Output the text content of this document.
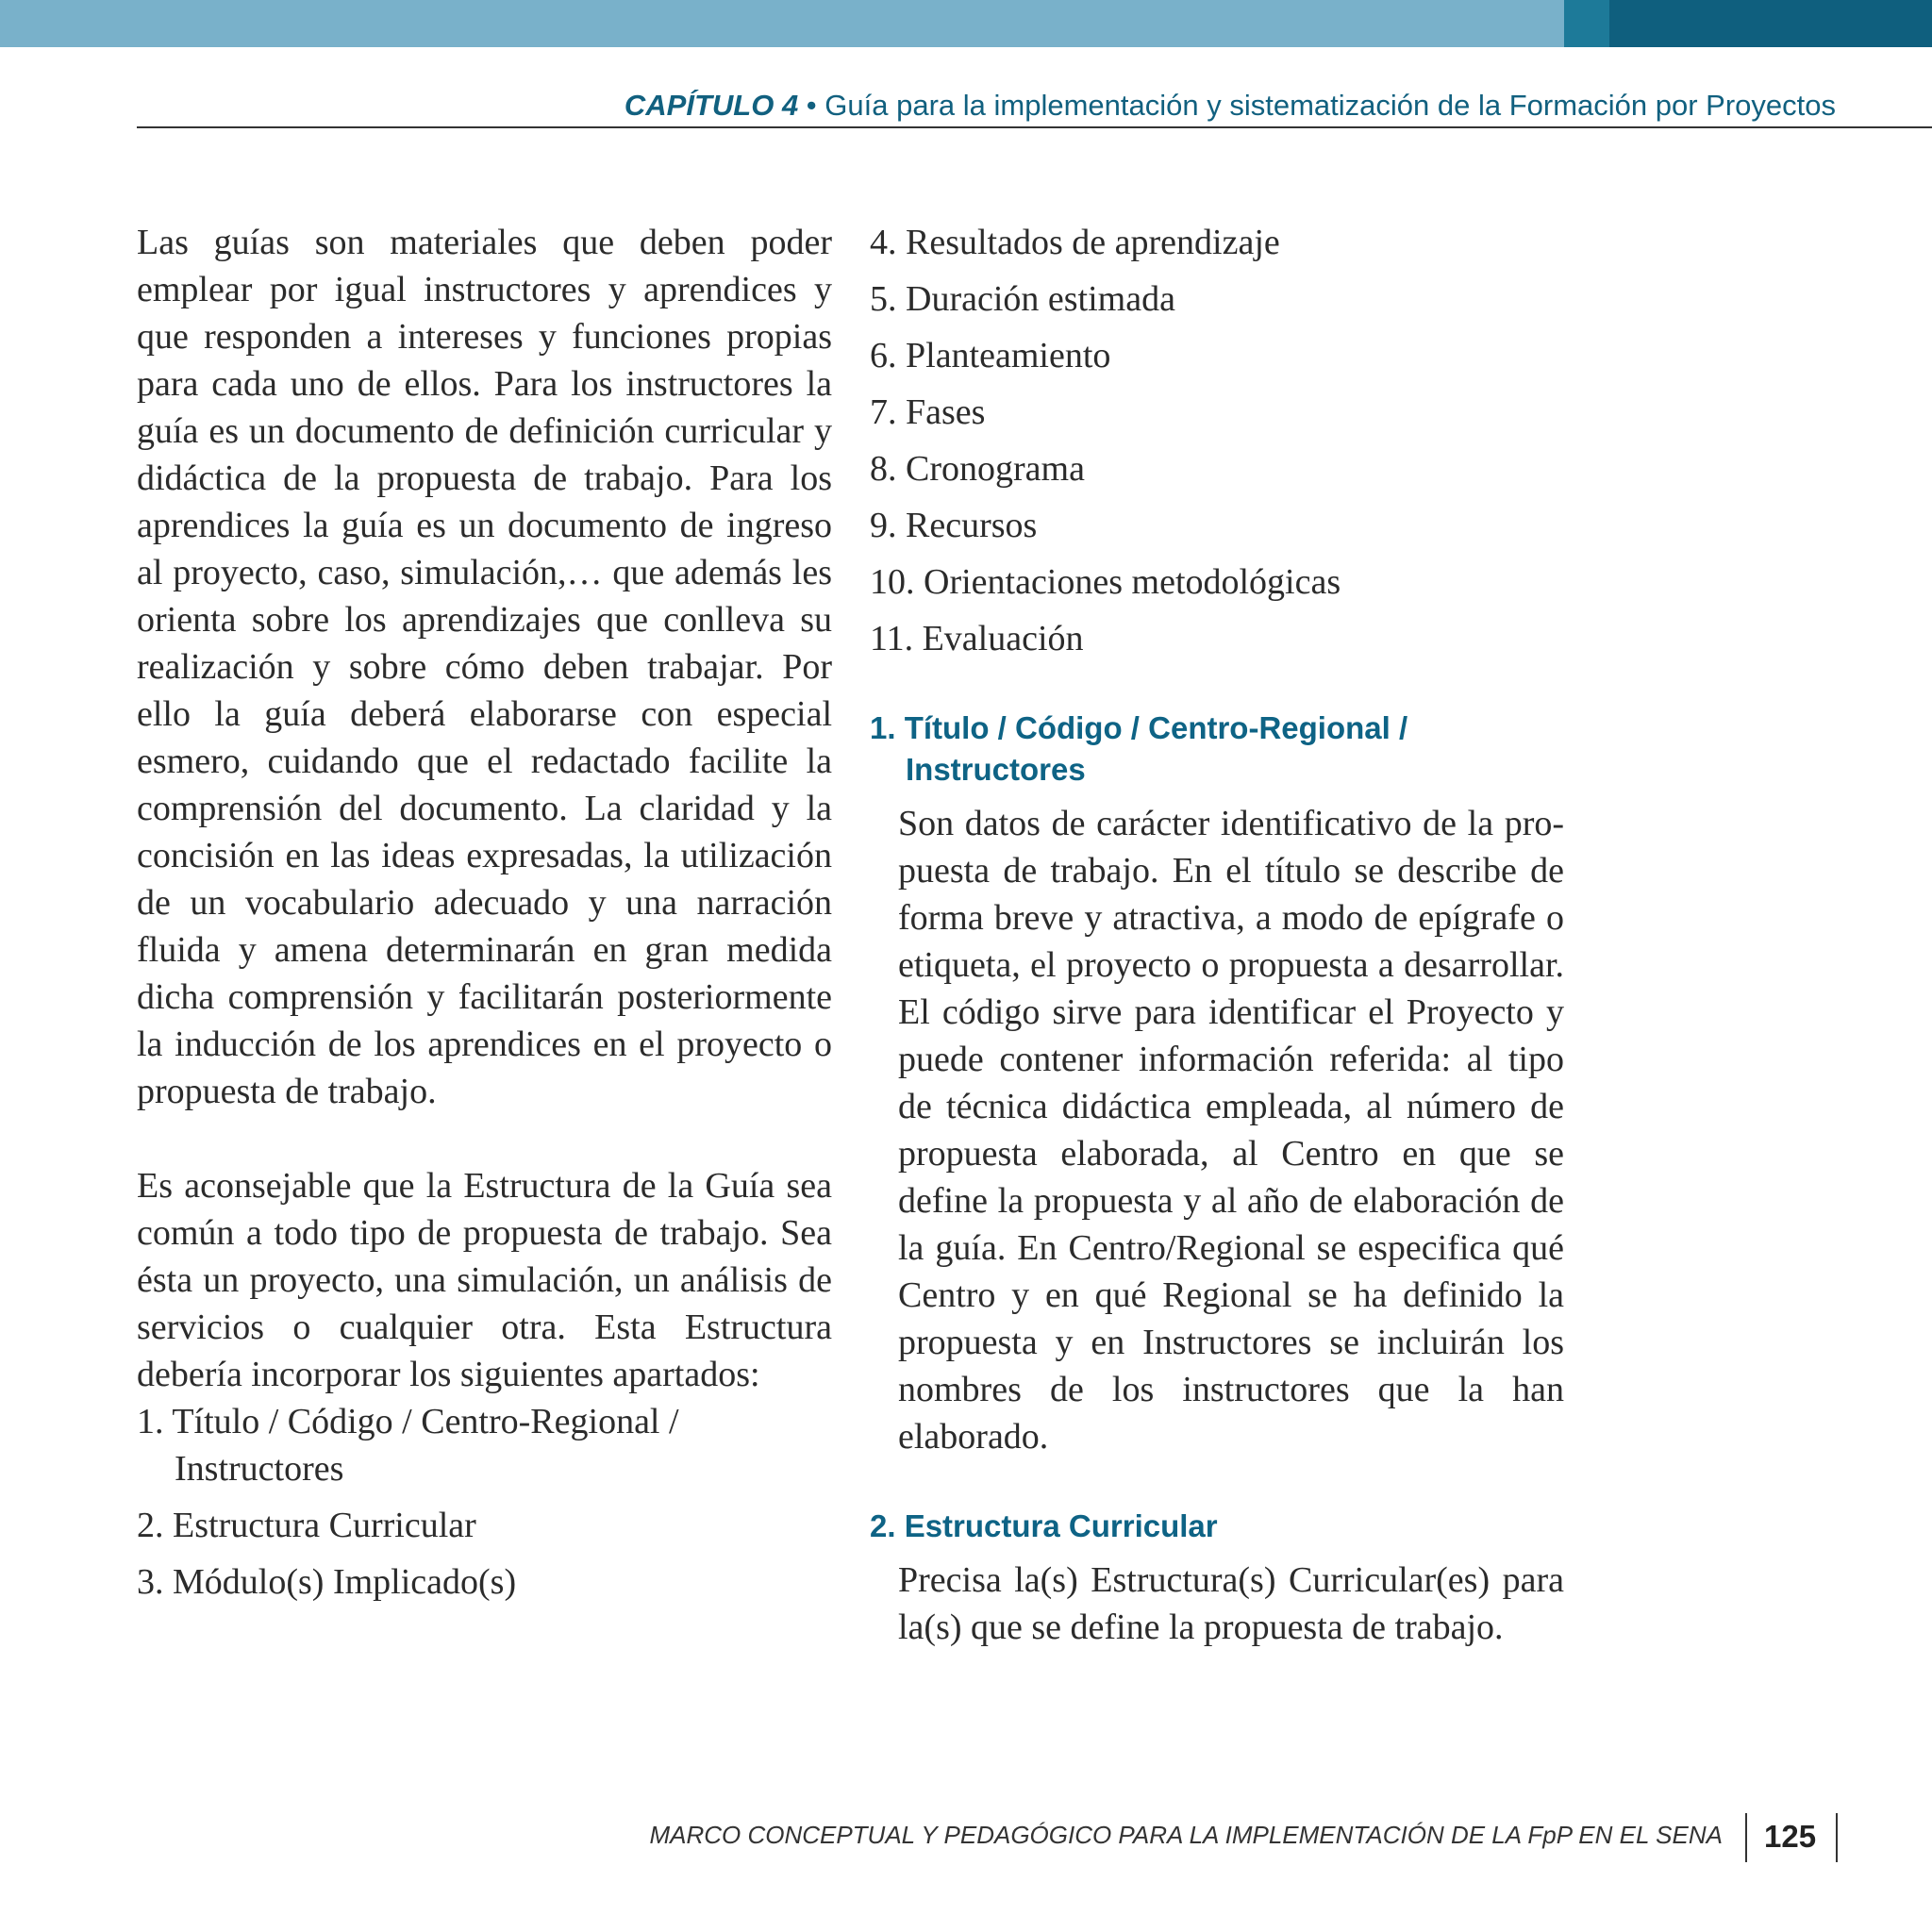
CAPÍTULO 4 • Guía para la implementación y sistematización de la Formación por Proyectos

Las guías son materiales que deben poder emplear por igual instructores y aprendices y que responden a intereses y funciones propias para cada uno de ellos. Para los instructores la guía es un documento de definición curricular y didáctica de la propuesta de trabajo. Para los aprendices la guía es un documento de ingreso al proyecto, caso, simulación,… que además les orienta sobre los aprendizajes que conlleva su realización y sobre cómo deben trabajar. Por ello la guía deberá elaborarse con especial esmero, cuidando que el redactado facilite la comprensión del documento. La claridad y la concisión en las ideas expresadas, la utilización de un vocabulario adecuado y una narración fluida y amena determinarán en gran medida dicha comprensión y facilitarán posteriormente la inducción de los aprendices en el proyecto o propuesta de trabajo.

Es aconsejable que la Estructura de la Guía sea común a todo tipo de propuesta de trabajo. Sea ésta un proyecto, una simulación, un análisis de servicios o cualquier otra. Esta Estructura debería incorporar los siguientes apartados:

1. Título / Código / Centro-Regional / Instructores
2. Estructura Curricular
3. Módulo(s) Implicado(s)
4. Resultados de aprendizaje
5. Duración estimada
6. Planteamiento
7. Fases
8. Cronograma
9. Recursos
10. Orientaciones metodológicas
11. Evaluación
1. Título / Código / Centro-Regional / Instructores

Son datos de carácter identificativo de la propuesta de trabajo. En el título se describe de forma breve y atractiva, a modo de epígrafe o etiqueta, el proyecto o propuesta a desarrollar. El código sirve para identificar el Proyecto y puede contener información referida: al tipo de técnica didáctica empleada, al número de propuesta elaborada, al Centro en que se define la propuesta y al año de elaboración de la guía. En Centro/Regional se especifica qué Centro y en qué Regional se ha definido la propuesta y en Instructores se incluirán los nombres de los instructores que la han elaborado.

2. Estructura Curricular

Precisa la(s) Estructura(s) Curricular(es) para la(s) que se define la propuesta de trabajo.

MARCO CONCEPTUAL Y PEDAGÓGICO PARA LA IMPLEMENTACIÓN DE LA FpP EN EL SENA 125
